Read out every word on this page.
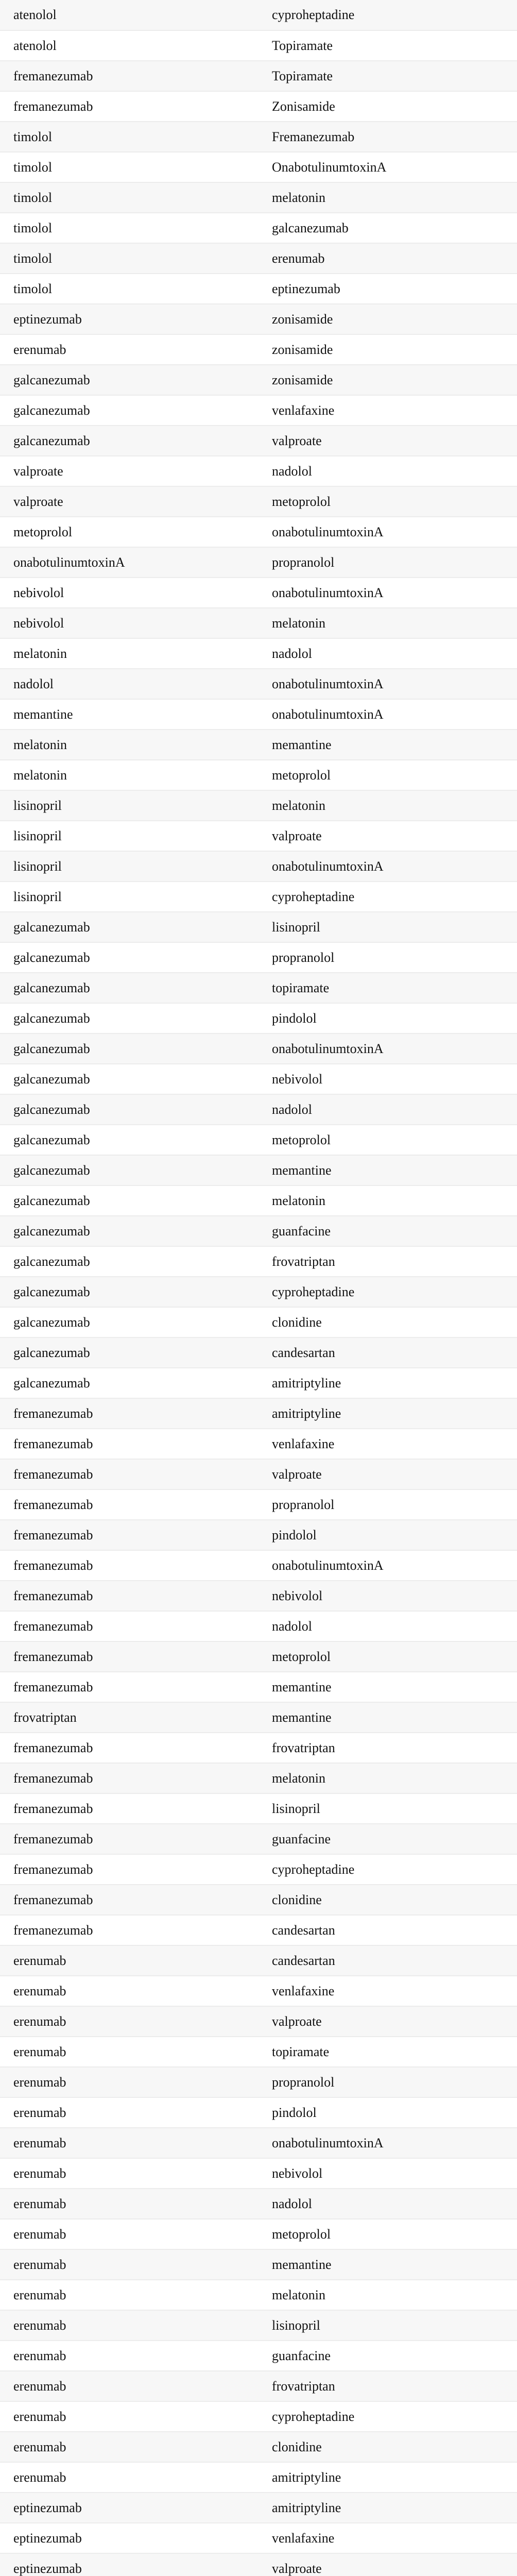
atenolol	cyproheptadine
atenolol	Topiramate
fremanezumab	Topiramate
fremanezumab	Zonisamide
timolol	Fremanezumab
timolol	OnabotulinumtoxinA
timolol	melatonin
timolol	galcanezumab
timolol	erenumab
timolol	eptinezumab
eptinezumab	zonisamide
erenumab	zonisamide
galcanezumab	zonisamide
galcanezumab	venlafaxine
galcanezumab	valproate
valproate	nadolol
valproate	metoprolol
metoprolol	onabotulinumtoxinA
onabotulinumtoxinA	propranolol
nebivolol	onabotulinumtoxinA
nebivolol	melatonin
melatonin	nadolol
nadolol	onabotulinumtoxinA
memantine	onabotulinumtoxinA
melatonin	memantine
melatonin	metoprolol
lisinopril	melatonin
lisinopril	valproate
lisinopril	onabotulinumtoxinA
lisinopril	cyproheptadine
galcanezumab	lisinopril
galcanezumab	propranolol
galcanezumab	topiramate
galcanezumab	pindolol
galcanezumab	onabotulinumtoxinA
galcanezumab	nebivolol
galcanezumab	nadolol
galcanezumab	metoprolol
galcanezumab	memantine
galcanezumab	melatonin
galcanezumab	guanfacine
galcanezumab	frovatriptan
galcanezumab	cyproheptadine
galcanezumab	clonidine
galcanezumab	candesartan
galcanezumab	amitriptyline
fremanezumab	amitriptyline
fremanezumab	venlafaxine
fremanezumab	valproate
fremanezumab	propranolol
fremanezumab	pindolol
fremanezumab	onabotulinumtoxinA
fremanezumab	nebivolol
fremanezumab	nadolol
fremanezumab	metoprolol
fremanezumab	memantine
frovatriptan	memantine
fremanezumab	frovatriptan
fremanezumab	melatonin
fremanezumab	lisinopril
fremanezumab	guanfacine
fremanezumab	cyproheptadine
fremanezumab	clonidine
fremanezumab	candesartan
erenumab	candesartan
erenumab	venlafaxine
erenumab	valproate
erenumab	topiramate
erenumab	propranolol
erenumab	pindolol
erenumab	onabotulinumtoxinA
erenumab	nebivolol
erenumab	nadolol
erenumab	metoprolol
erenumab	memantine
erenumab	melatonin
erenumab	lisinopril
erenumab	guanfacine
erenumab	frovatriptan
erenumab	cyproheptadine
erenumab	clonidine
erenumab	amitriptyline
eptinezumab	amitriptyline
eptinezumab	venlafaxine
eptinezumab	valproate
